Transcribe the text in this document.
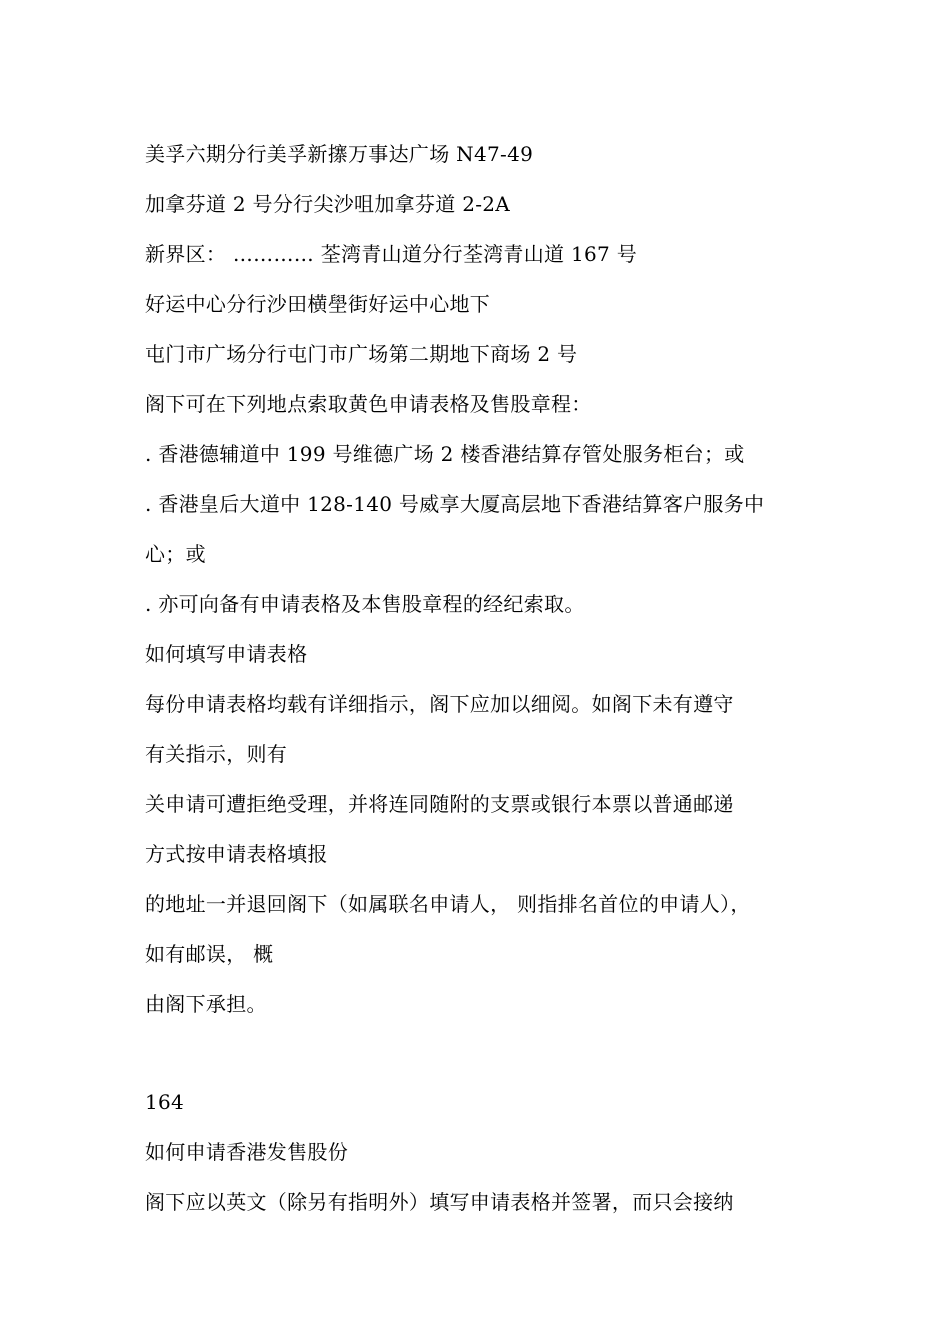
美孚六期分行美孚新㩟万事达广场 N47-49
加拿芬道 2 号分行尖沙咀加拿芬道 2-2A
新界区： ………… 荃湾青山道分行荃湾青山道 167 号
好运中心分行沙田横壆街好运中心地下
屯门市广场分行屯门市广场第二期地下商场 2 号
阁下可在下列地点索取黄色申请表格及售股章程：
. 香港德辅道中 199 号维德广场 2 楼香港结算存管处服务柜台；或
. 香港皇后大道中 128-140 号威享大厦高层地下香港结算客户服务中
心；或
. 亦可向备有申请表格及本售股章程的经纪索取。
如何填写申请表格
每份申请表格均载有详细指示，阁下应加以细阅。如阁下未有遵守
有关指示，则有
关申请可遭拒绝受理，并将连同随附的支票或银行本票以普通邮递
方式按申请表格填报
的地址一并退回阁下（如属联名申请人， 则指排名首位的申请人），
如有邮误， 概
由阁下承担。
164
如何申请香港发售股份
阁下应以英文（除另有指明外）填写申请表格并签署，而只会接纳
